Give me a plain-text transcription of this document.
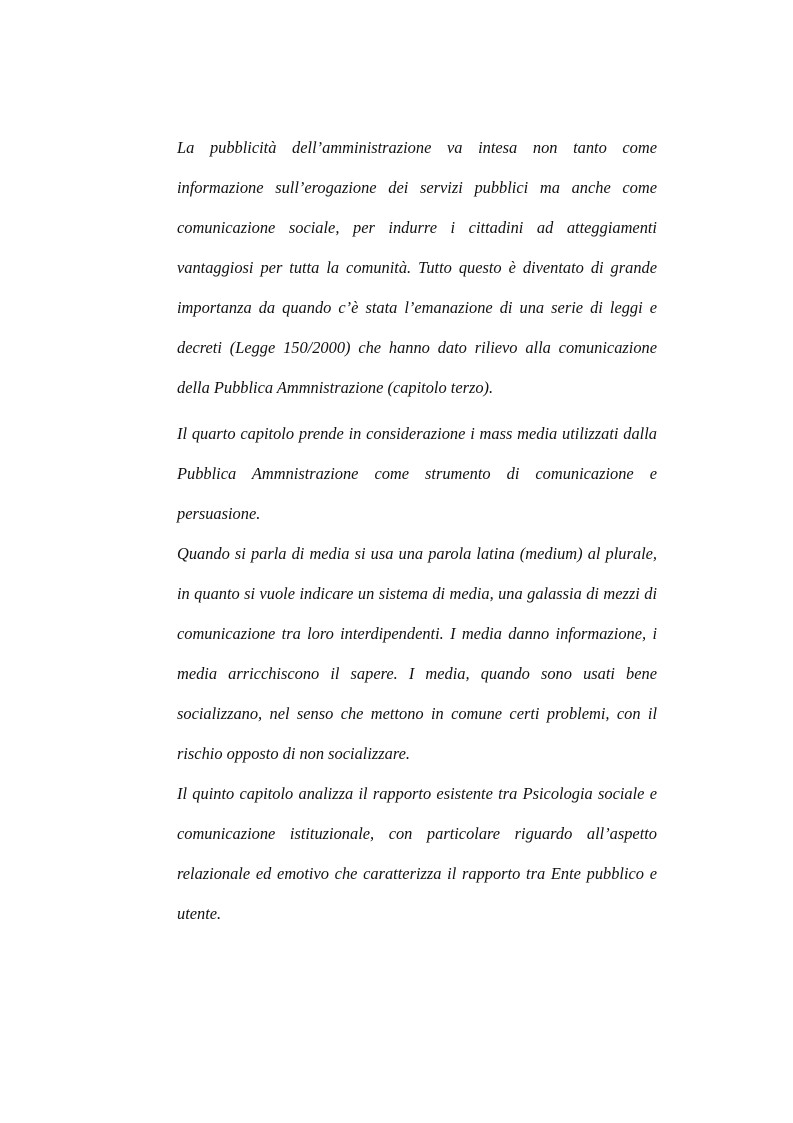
La pubblicità dell’amministrazione va intesa non tanto come informazione sull’erogazione dei servizi pubblici ma anche come comunicazione sociale, per indurre i cittadini ad atteggiamenti vantaggiosi per tutta la comunità. Tutto questo è diventato di grande importanza da quando c’è stata l’emanazione di una serie di leggi e decreti (Legge 150/2000) che hanno dato rilievo alla comunicazione della Pubblica Ammnistrazione (capitolo terzo).

Il quarto capitolo prende in considerazione i mass media utilizzati dalla Pubblica Ammnistrazione come strumento di comunicazione e persuasione.

Quando si parla di media si usa una parola latina (medium) al plurale, in quanto si vuole indicare un sistema di media, una galassia di mezzi di comunicazione tra loro interdipendenti. I media danno informazione, i media arricchiscono il sapere. I media, quando sono usati bene socializzano, nel senso che mettono in comune certi problemi, con il rischio opposto di non socializzare.

Il quinto capitolo analizza il rapporto esistente tra Psicologia sociale e comunicazione istituzionale, con particolare riguardo all’aspetto relazionale ed emotivo che caratterizza il rapporto tra Ente pubblico e utente.
